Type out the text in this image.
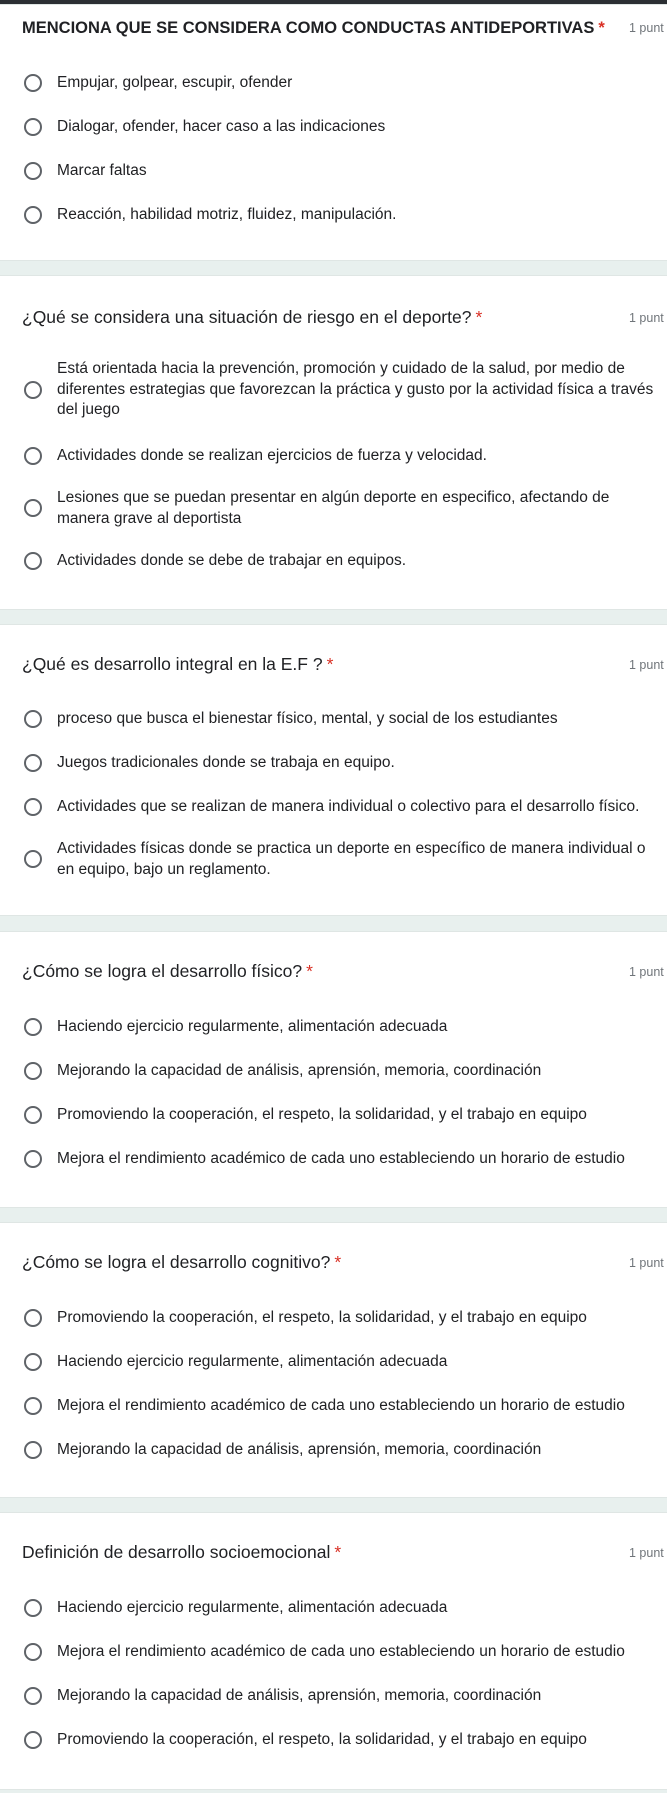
MENCIONA QUE SE CONSIDERA COMO CONDUCTAS ANTIDEPORTIVAS * 1 punt
Empujar, golpear, escupir, ofender
Dialogar, ofender, hacer caso a las indicaciones
Marcar faltas
Reacción, habilidad motriz, fluidez, manipulación.
¿Qué se considera una situación de riesgo en el deporte? *	1 punt
Está orientada hacia la prevención, promoción y cuidado de la salud, por medio de diferentes estrategias que favorezcan la práctica y gusto por la actividad física a través del juego
Actividades donde se realizan ejercicios de fuerza y velocidad.
Lesiones que se puedan presentar en algún deporte en especifico, afectando de manera grave al deportista
Actividades donde se debe de trabajar en equipos.
¿Qué es desarrollo integral en la E.F ? *	1 punt
proceso que busca el bienestar físico, mental, y social de los estudiantes
Juegos tradicionales donde se trabaja en equipo.
Actividades que se realizan de manera individual o colectivo para el desarrollo físico.
Actividades físicas donde se practica un deporte en específico de manera individual o en equipo, bajo un reglamento.
¿Cómo se logra el desarrollo físico? *	1 punt
Haciendo ejercicio regularmente, alimentación adecuada
Mejorando la capacidad de análisis, aprensión, memoria, coordinación
Promoviendo la cooperación, el respeto, la solidaridad, y el trabajo en equipo
Mejora el rendimiento académico de cada uno estableciendo un horario de estudio
¿Cómo se logra el desarrollo cognitivo? *	1 punt
Promoviendo la cooperación, el respeto, la solidaridad, y el trabajo en equipo
Haciendo ejercicio regularmente, alimentación adecuada
Mejora el rendimiento académico de cada uno estableciendo un horario de estudio
Mejorando la capacidad de análisis, aprensión, memoria, coordinación
Definición de desarrollo socioemocional *	1 punt
Haciendo ejercicio regularmente, alimentación adecuada
Mejora el rendimiento académico de cada uno estableciendo un horario de estudio
Mejorando la capacidad de análisis, aprensión, memoria, coordinación
Promoviendo la cooperación, el respeto, la solidaridad, y el trabajo en equipo
